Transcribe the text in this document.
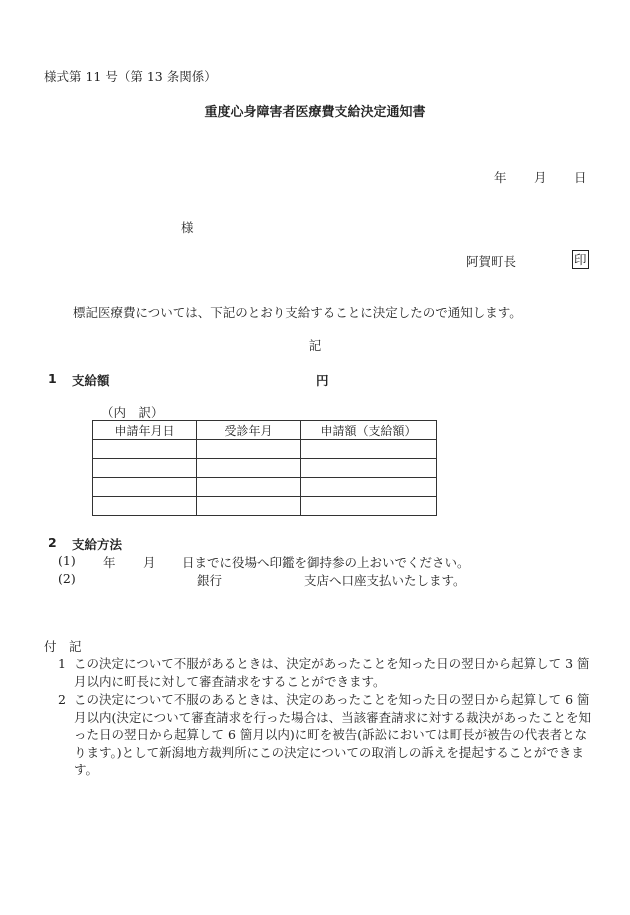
様式第 11 号（第 13 条関係）
重度心身障害者医療費支給決定通知書
年 月 日
様
阿賀町長	印
標記医療費については、下記のとおり支給することに決定したので通知します。
記
1 支給額	円
（内　訳）
申請年月日	受診年月	申請額（支給額）

2 支給方法
(1) 年 月 日までに役場へ印鑑を御持参の上おいでください。
(2)	銀行	支店へ口座支払いたします。
付　記
1 この決定について不服があるときは、決定があったことを知った日の翌日から起算して 3 箇月以内に町長に対して審査請求をすることができます。
2 この決定について不服のあるときは、決定のあったことを知った日の翌日から起算して 6 箇月以内(決定について審査請求を行った場合は、当該審査請求に対する裁決があったことを知った日の翌日から起算して 6 箇月以内)に町を被告(訴訟においては町長が被告の代表者となります。)として新潟地方裁判所にこの決定についての取消しの訴えを提起することができます。
